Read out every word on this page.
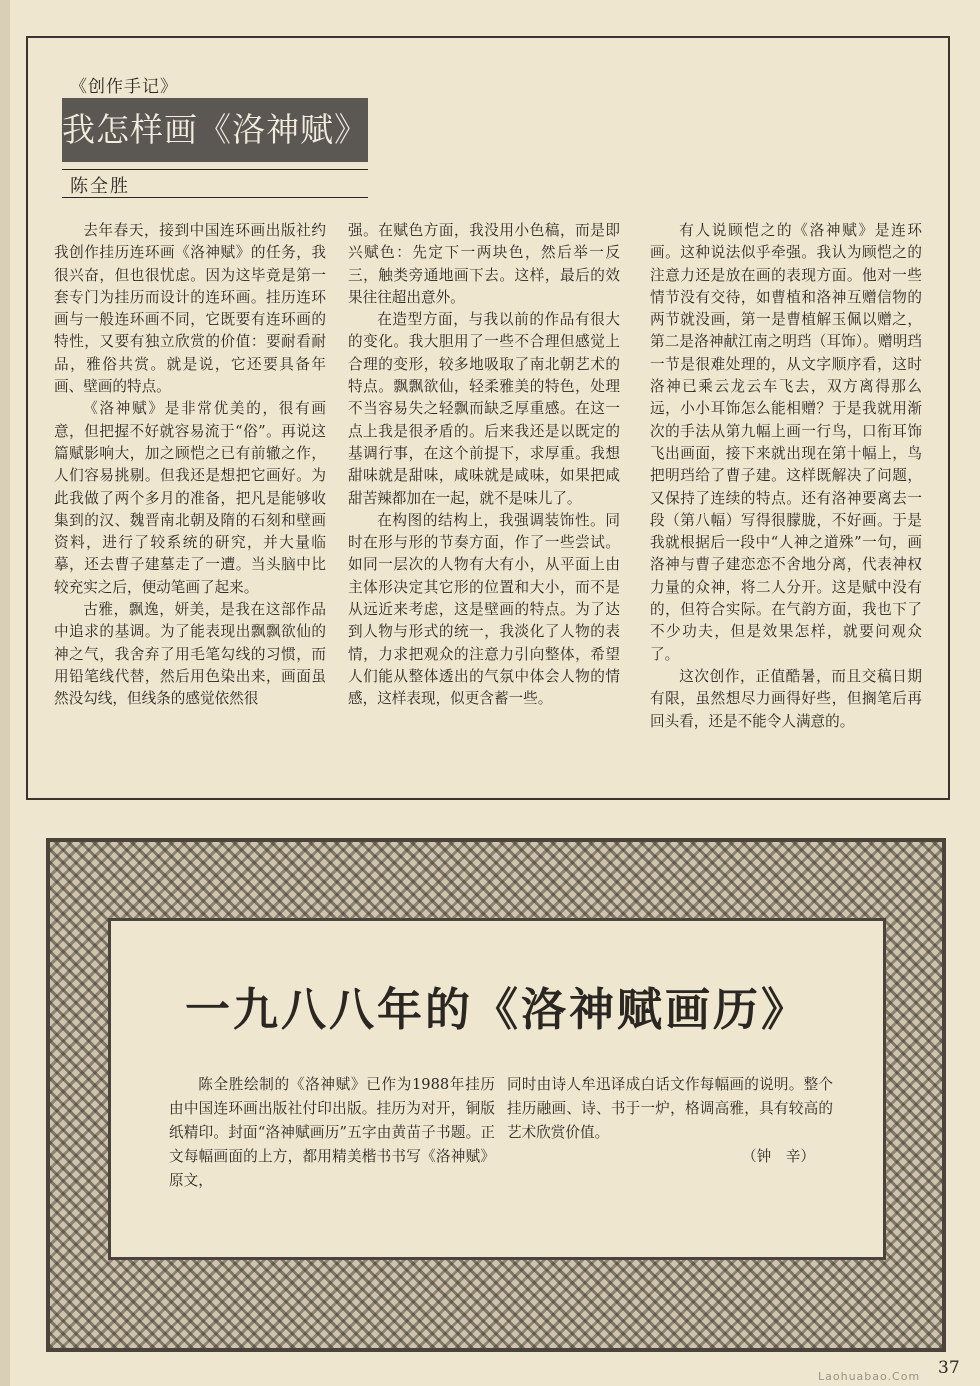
《创作手记》
我怎样画《洛神赋》
陈全胜

去年春天，接到中国连环画出版社约我创作挂历连环画《洛神赋》的任务，我很兴奋，但也很忧虑。因为这毕竟是第一套专门为挂历而设计的连环画。挂历连环画与一般连环画不同，它既要有连环画的特性，又要有独立欣赏的价值：要耐看耐品，雅俗共赏。就是说，它还要具备年画、壁画的特点。

《洛神赋》是非常优美的，很有画意，但把握不好就容易流于“俗”。再说这篇赋影响大，加之顾恺之已有前辙之作，人们容易挑剔。但我还是想把它画好。为此我做了两个多月的准备，把凡是能够收集到的汉、魏晋南北朝及隋的石刻和壁画资料，进行了较系统的研究，并大量临摹，还去曹子建墓走了一遭。当头脑中比较充实之后，便动笔画了起来。

古雅，飘逸，妍美，是我在这部作品中追求的基调。为了能表现出飘飘欲仙的神之气，我舍弃了用毛笔勾线的习惯，而用铅笔线代替，然后用色染出来，画面虽然没勾线，但线条的感觉依然很

强。在赋色方面，我没用小色稿，而是即兴赋色：先定下一两块色，然后举一反三，触类旁通地画下去。这样，最后的效果往往超出意外。

在造型方面，与我以前的作品有很大的变化。我大胆用了一些不合理但感觉上合理的变形，较多地吸取了南北朝艺术的特点。飘飘欲仙，轻柔雅美的特色，处理不当容易失之轻飘而缺乏厚重感。在这一点上我是很矛盾的。后来我还是以既定的基调行事，在这个前提下，求厚重。我想甜味就是甜味，咸味就是咸味，如果把咸甜苦辣都加在一起，就不是味儿了。

在构图的结构上，我强调装饰性。同时在形与形的节奏方面，作了一些尝试。如同一层次的人物有大有小，从平面上由主体形决定其它形的位置和大小，而不是从远近来考虑，这是壁画的特点。为了达到人物与形式的统一，我淡化了人物的表情，力求把观众的注意力引向整体，希望人们能从整体透出的气氛中体会人物的情感，这样表现，似更含蓄一些。

有人说顾恺之的《洛神赋》是连环画。这种说法似乎牵强。我认为顾恺之的注意力还是放在画的表现方面。他对一些情节没有交待，如曹植和洛神互赠信物的两节就没画，第一是曹植解玉佩以赠之，第二是洛神献江南之明珰（耳饰）。赠明珰一节是很难处理的，从文字顺序看，这时洛神已乘云龙云车飞去，双方离得那么远，小小耳饰怎么能相赠？于是我就用渐次的手法从第九幅上画一行鸟，口衔耳饰飞出画面，接下来就出现在第十幅上，鸟把明珰给了曹子建。这样既解决了问题，又保持了连续的特点。还有洛神要离去一段（第八幅）写得很朦胧，不好画。于是我就根据后一段中“人神之道殊”一句，画洛神与曹子建恋恋不舍地分离，代表神权力量的众神，将二人分开。这是赋中没有的，但符合实际。在气韵方面，我也下了不少功夫，但是效果怎样，就要问观众了。

这次创作，正值酷暑，而且交稿日期有限，虽然想尽力画得好些，但搁笔后再回头看，还是不能令人满意的。

一九八八年的《洛神赋画历》

陈全胜绘制的《洛神赋》已作为1988年挂历由中国连环画出版社付印出版。挂历为对开，铜版纸精印。封面“洛神赋画历”五字由黄苗子书题。正文每幅画面的上方，都用精美楷书书写《洛神赋》原文，

同时由诗人牟迅译成白话文作每幅画的说明。整个挂历融画、诗、书于一炉，格调高雅，具有较高的艺术欣赏价值。

（钟　辛）
37
Laohuabao.Com
